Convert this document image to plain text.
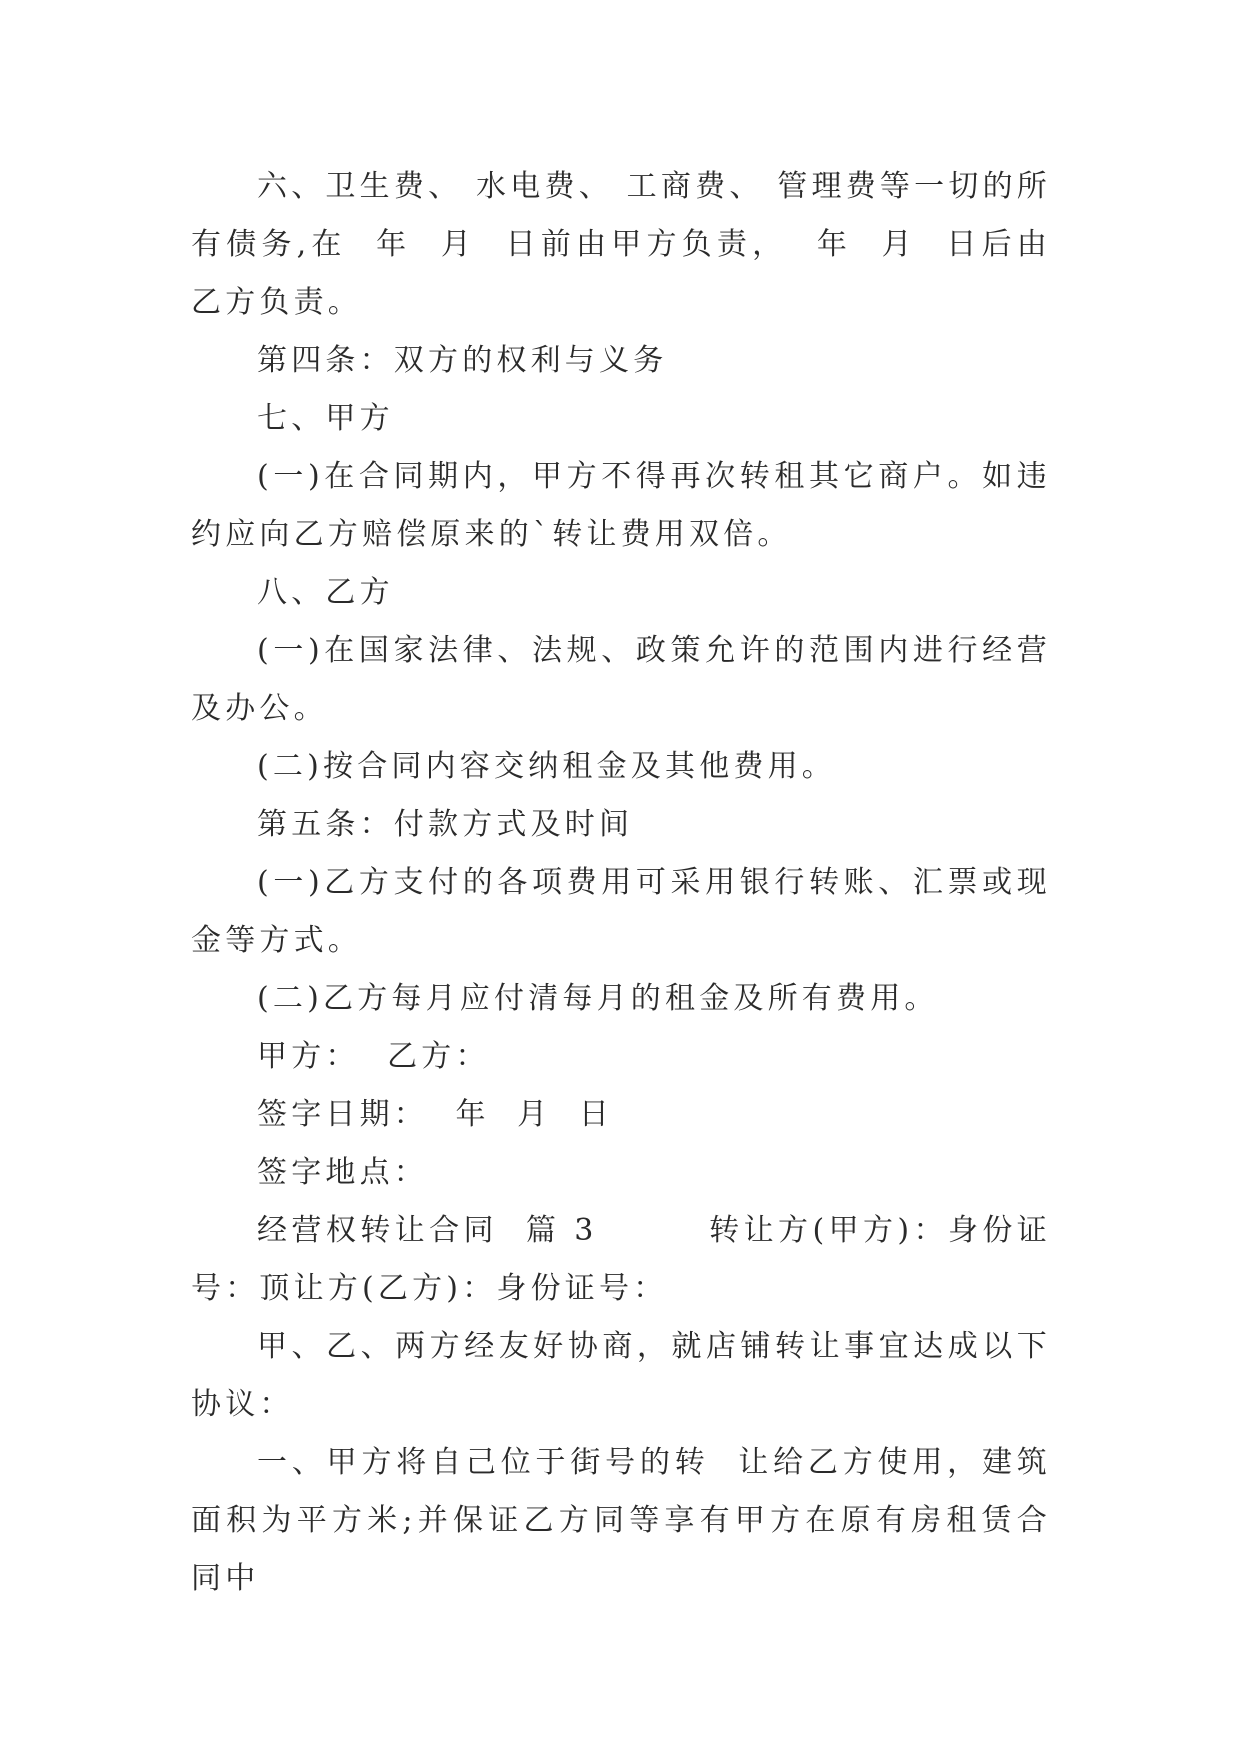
六、卫生费、 水电费、 工商费、 管理费等一切的所有债务,在  年  月  日前由甲方负责，  年  月  日后由乙方负责。

第四条：双方的权利与义务

七、甲方

(一)在合同期内，甲方不得再次转租其它商户。如违约应向乙方赔偿原来的`转让费用双倍。

八、乙方

(一)在国家法律、法规、政策允许的范围内进行经营及办公。

(二)按合同内容交纳租金及其他费用。

第五条：付款方式及时间

(一)乙方支付的各项费用可采用银行转账、汇票或现金等方式。

(二)乙方每月应付清每月的租金及所有费用。

甲方：  乙方：

签字日期：  年  月  日

签字地点：

经营权转让合同  篇 3        转让方(甲方)：身份证号：顶让方(乙方)：身份证号：

甲、乙、两方经友好协商，就店铺转让事宜达成以下协议：

一、甲方将自己位于街号的转  让给乙方使用，建筑面积为平方米;并保证乙方同等享有甲方在原有房租赁合同中
